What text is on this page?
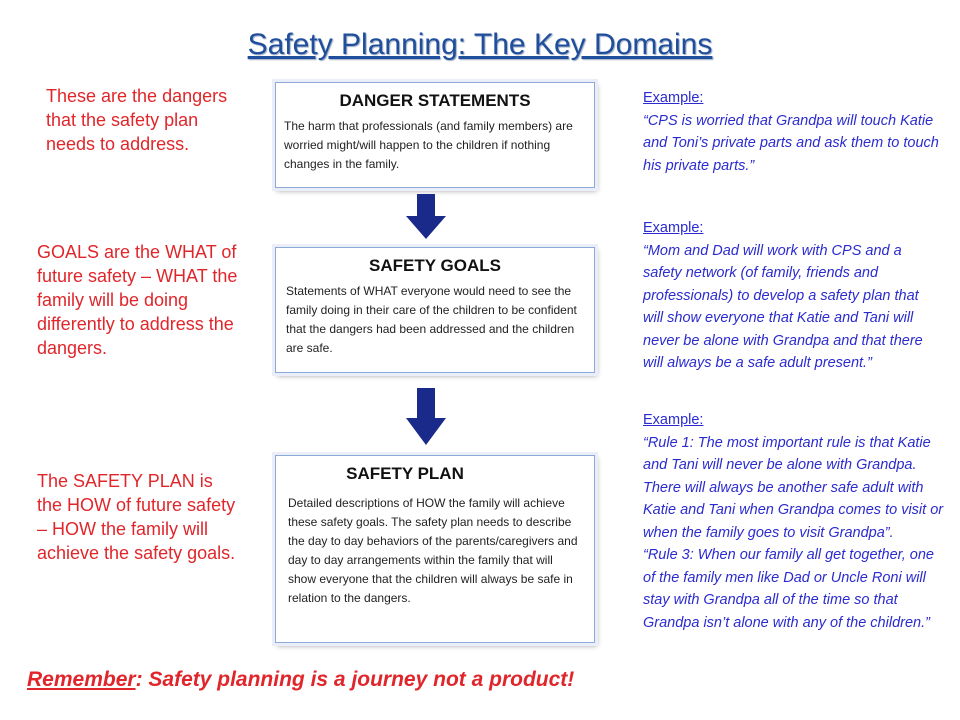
Safety Planning: The Key Domains
These are the dangers that the safety plan needs to address.
GOALS are the WHAT of future safety – WHAT the family will be doing differently to address the dangers.
The SAFETY PLAN is the HOW of future safety – HOW the family will achieve the safety goals.
DANGER STATEMENTS
The harm that professionals (and family members) are worried might/will happen to the children if nothing changes in the family.
SAFETY GOALS
Statements of WHAT everyone would need to see the family doing in their care of the children to be confident that the dangers had been addressed and the children are safe.
SAFETY PLAN
Detailed descriptions of HOW the family will achieve these safety goals. The safety plan needs to describe the day to day behaviors of the parents/caregivers and day to day arrangements within the family that will show everyone that the children will always be safe in relation to the dangers.
Example:
“CPS is worried that Grandpa will touch Katie and Toni’s private parts and ask them to touch his private parts.”
Example:
“Mom and Dad will work with CPS and a safety network (of family, friends and professionals) to develop a safety plan that will show everyone that Katie and Tani will never be alone with Grandpa and that there will always be a safe adult present.”
Example:
“Rule 1: The most important rule is that Katie and Tani will never be alone with Grandpa. There will always be another safe adult with Katie and Tani when Grandpa comes to visit or when the family goes to visit Grandpa”.
“Rule 3: When our family all get together, one of the family men like Dad or Uncle Roni will stay with Grandpa all of the time so that Grandpa isn’t alone with any of the children.”
Remember: Safety planning is a journey not a product!
